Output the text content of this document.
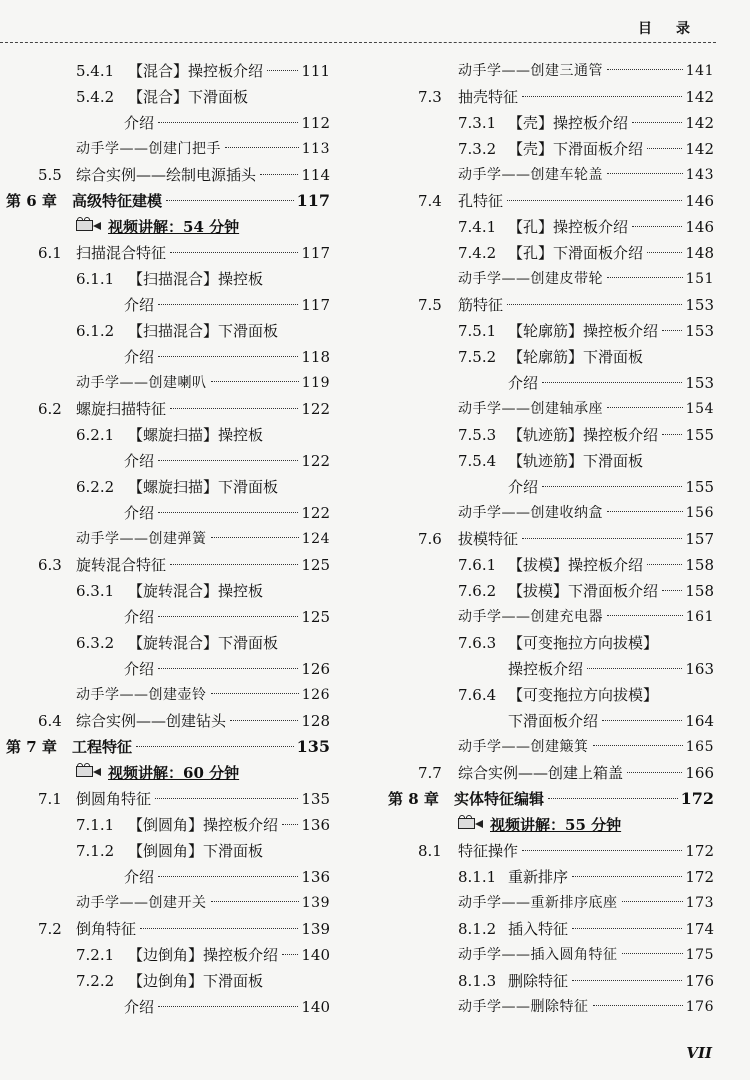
目录
5.4.1 【混合】操控板介绍	111
5.4.2 【混合】下滑面板
介绍	112
动手学——创建门把手	113
5.5 综合实例——绘制电源插头	114
第 6 章 高级特征建模	117
视频讲解：54 分钟
6.1 扫描混合特征	117
6.1.1 【扫描混合】操控板
介绍	117
6.1.2 【扫描混合】下滑面板
介绍	118
动手学——创建喇叭	119
6.2 螺旋扫描特征	122
6.2.1 【螺旋扫描】操控板
介绍	122
6.2.2 【螺旋扫描】下滑面板
介绍	122
动手学——创建弹簧	124
6.3 旋转混合特征	125
6.3.1 【旋转混合】操控板
介绍	125
6.3.2 【旋转混合】下滑面板
介绍	126
动手学——创建壶铃	126
6.4 综合实例——创建钻头	128
第 7 章 工程特征	135
视频讲解：60 分钟
7.1 倒圆角特征	135
7.1.1 【倒圆角】操控板介绍 136
7.1.2 【倒圆角】下滑面板
介绍	136
动手学——创建开关	139
7.2 倒角特征	139
7.2.1 【边倒角】操控板介绍 140
7.2.2 【边倒角】下滑面板
介绍	140
动手学——创建三通管	141
7.3 抽壳特征	142
7.3.1 【壳】操控板介绍	142
7.3.2 【壳】下滑面板介绍	142
动手学——创建车轮盖	143
7.4 孔特征	146
7.4.1 【孔】操控板介绍	146
7.4.2 【孔】下滑面板介绍	148
动手学——创建皮带轮	151
7.5 筋特征	153
7.5.1 【轮廓筋】操控板介绍 153
7.5.2 【轮廓筋】下滑面板
介绍	153
动手学——创建轴承座	154
7.5.3 【轨迹筋】操控板介绍 155
7.5.4 【轨迹筋】下滑面板
介绍	155
动手学——创建收纳盒	156
7.6 拔模特征	157
7.6.1 【拔模】操控板介绍	158
7.6.2 【拔模】下滑面板介绍 158
动手学——创建充电器	161
7.6.3 【可变拖拉方向拔模】
操控板介绍	163
7.6.4 【可变拖拉方向拔模】
下滑面板介绍	164
动手学——创建簸箕	165
7.7 综合实例——创建上箱盖	166
第 8 章 实体特征编辑	172
视频讲解：55 分钟
8.1 特征操作	172
8.1.1 重新排序	172
动手学——重新排序底座	173
8.1.2 插入特征	174
动手学——插入圆角特征	175
8.1.3 删除特征	176
动手学——删除特征	176
VII
